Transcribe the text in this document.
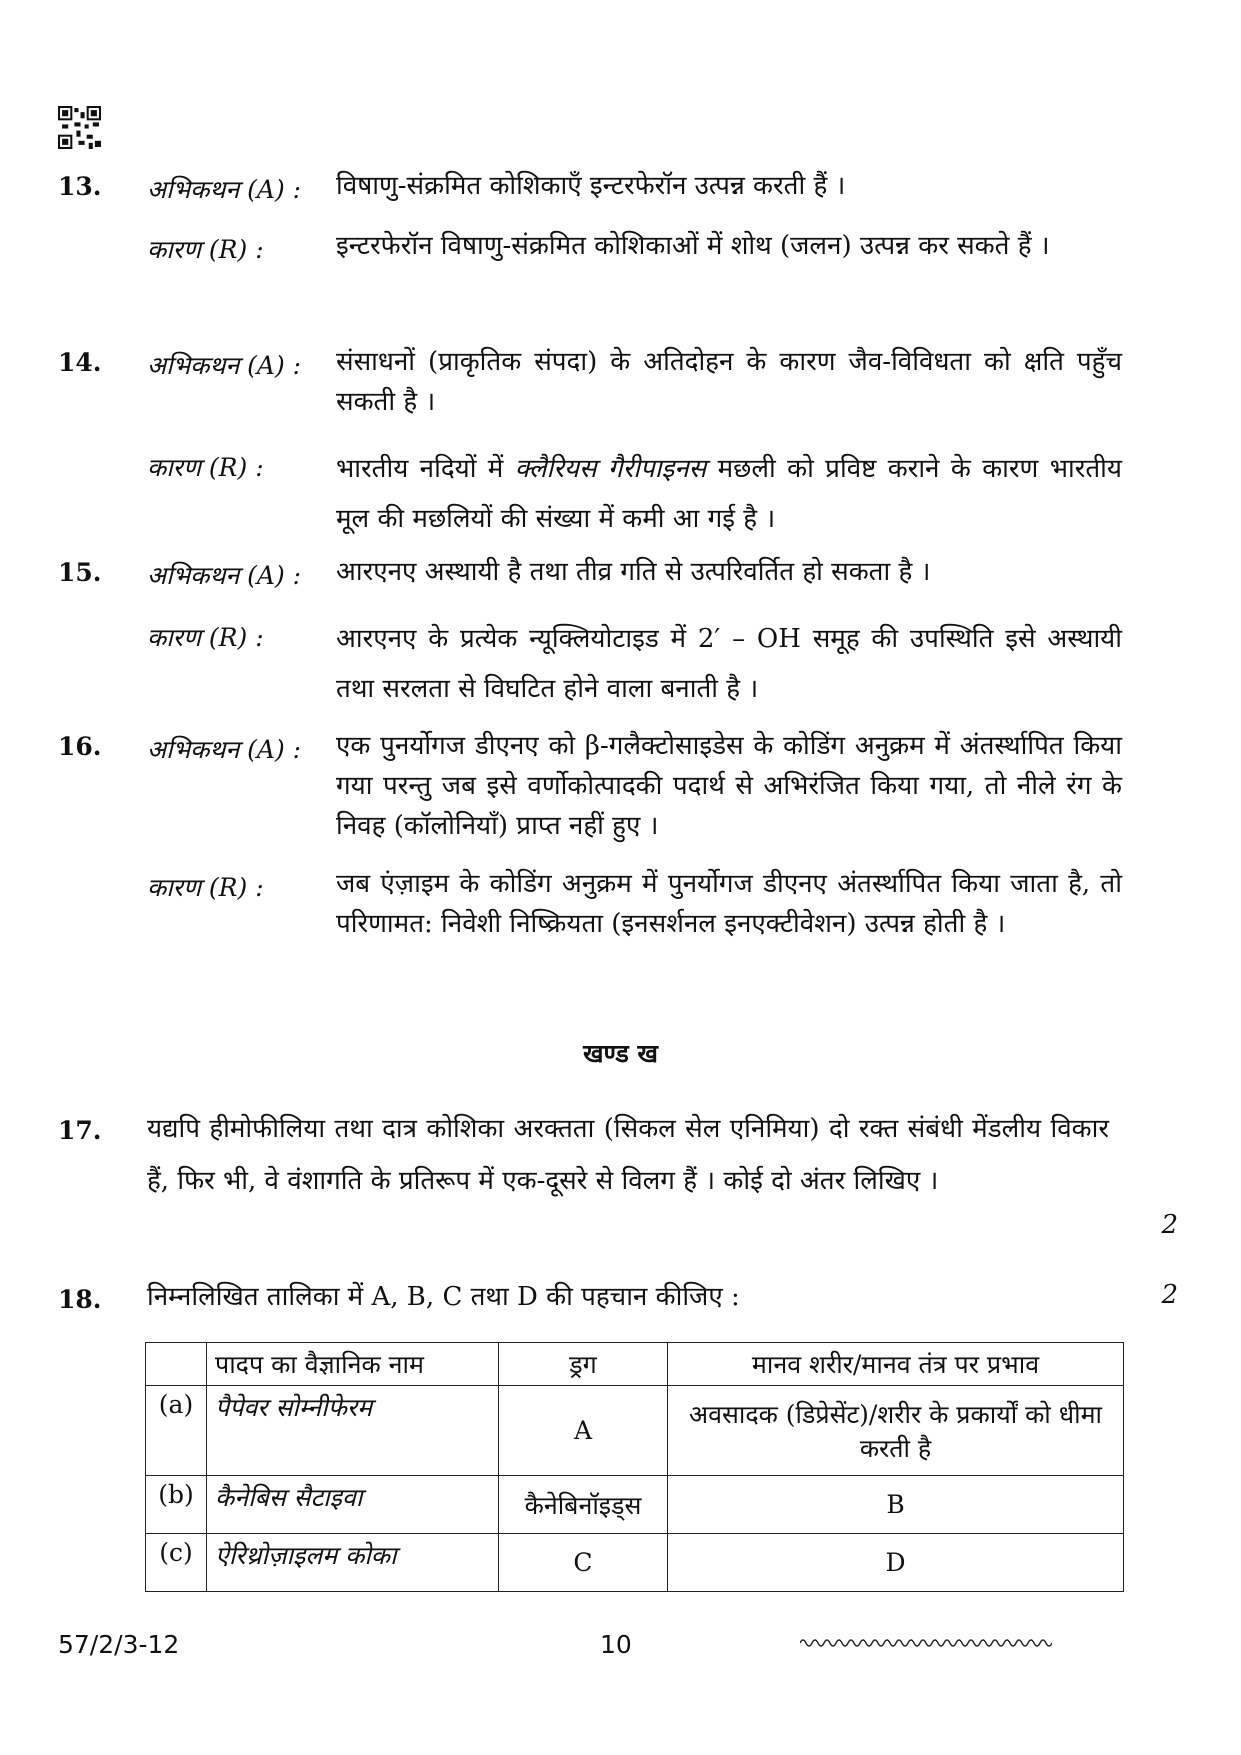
13. अभिकथन (A) : विषाणु-संक्रमित कोशिकाएँ इन्टरफेरॉन उत्पन्न करती हैं ।
कारण (R) :	इन्टरफेरॉन विषाणु-संक्रमित कोशिकाओं में शोथ (जलन) उत्पन्न कर सकते हैं ।
14. अभिकथन (A) : संसाधनों (प्राकृतिक संपदा) के अतिदोहन के कारण जैव-विविधता को क्षति पहुँच सकती है ।
कारण (R) :	भारतीय नदियों में क्लैरियस गैरीपाइनस मछली को प्रविष्ट कराने के कारण भारतीय मूल की मछलियों की संख्या में कमी आ गई है ।
15. अभिकथन (A) : आरएनए अस्थायी है तथा तीव्र गति से उत्परिवर्तित हो सकता है ।
कारण (R) :	आरएनए के प्रत्येक न्यूक्लियोटाइड में 2′ – OH समूह की उपस्थिति इसे अस्थायी तथा सरलता से विघटित होने वाला बनाती है ।
16. अभिकथन (A) : एक पुनर्योगज डीएनए को β-गलैक्टोसाइडेस के कोडिंग अनुक्रम में अंतर्स्थापित किया गया परन्तु जब इसे वर्णोकोत्पादकी पदार्थ से अभिरंजित किया गया, तो नीले रंग के निवह (कॉलोनियाँ) प्राप्त नहीं हुए ।
कारण (R) :	जब एंज़ाइम के कोडिंग अनुक्रम में पुनर्योगज डीएनए अंतर्स्थापित किया जाता है, तो परिणामत: निवेशी निष्क्रियता (इनसर्शनल इनएक्टीवेशन) उत्पन्न होती है ।
खण्ड ख
17. यद्यपि हीमोफीलिया तथा दात्र कोशिका अरक्तता (सिकल सेल एनिमिया) दो रक्त संबंधी मेंडलीय विकार हैं, फिर भी, वे वंशागति के प्रतिरूप में एक-दूसरे से विलग हैं । कोई दो अंतर लिखिए ।
2
18. निम्नलिखित तालिका में A, B, C तथा D की पहचान कीजिए :	2
	पादप का वैज्ञानिक नाम	ड्रग	मानव शरीर/मानव तंत्र पर प्रभाव
(a)	पैपेवर सोम्नीफेरम	A	अवसादक (डिप्रेसेंट)/शरीर के प्रकार्यों को धीमा करती है
(b)	कैनेबिस सैटाइवा	कैनेबिनॉइड्स	B
(c)	ऐरिथ्रोज़ाइलम कोका	C	D
57/2/3-12	10
